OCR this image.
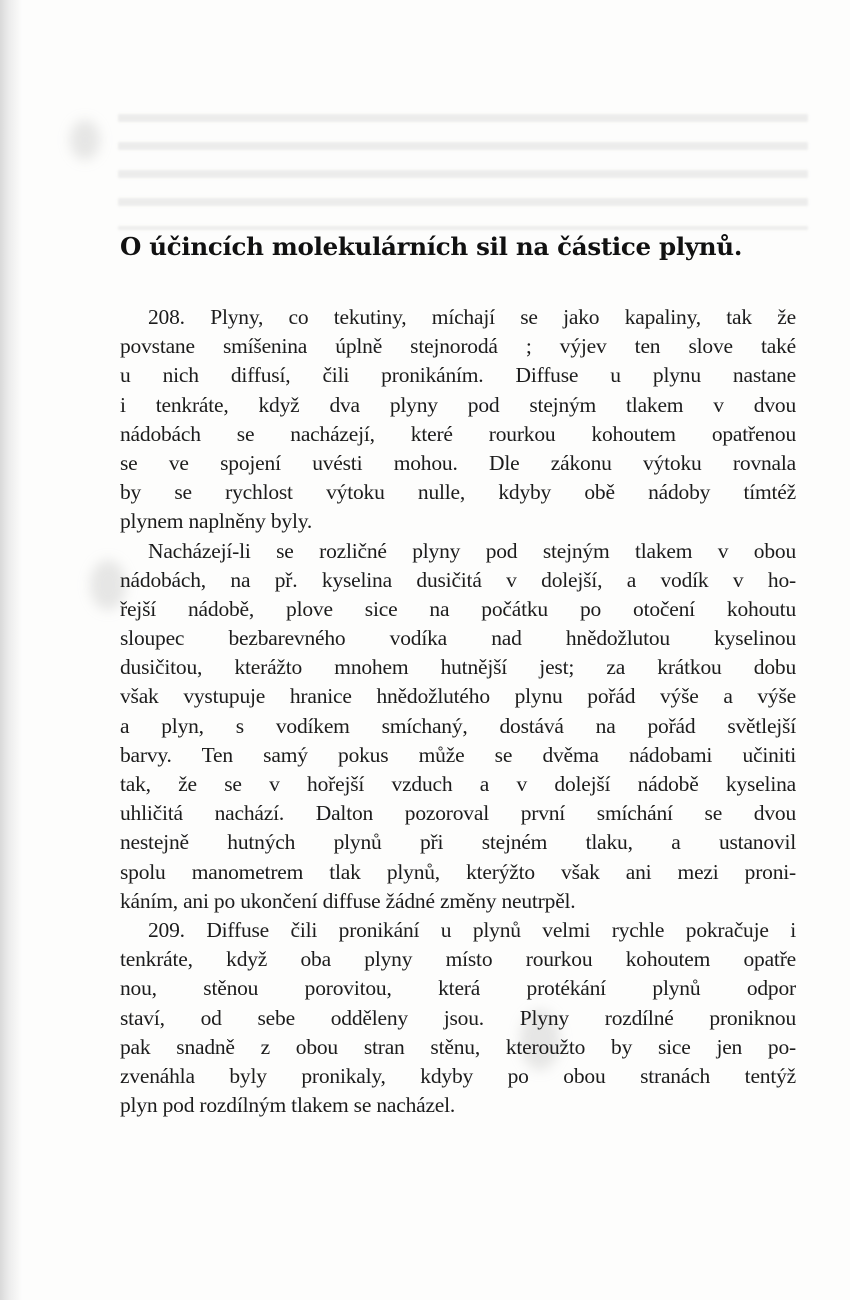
O účincích molekulárních sil na částice plynů.
208. Plyny, co tekutiny, míchají se jako kapaliny, tak že
povstane smíšenina úplně stejnorodá ; výjev ten slove také
u nich diffusí, čili pronikáním. Diffuse u plynu nastane
i tenkráte, když dva plyny pod stejným tlakem v dvou
nádobách se nacházejí, které rourkou kohoutem opatřenou
se ve spojení uvésti mohou. Dle zákonu výtoku rovnala
by se rychlost výtoku nulle, kdyby obě nádoby tímtéž
plynem naplněny byly.
Nacházejí-li se rozličné plyny pod stejným tlakem v obou
nádobách, na př. kyselina dusičitá v dolejší, a vodík v ho-
řejší nádobě, plove sice na počátku po otočení kohoutu
sloupec bezbarevného vodíka nad hnědožlutou kyselinou
dusičitou, kterážto mnohem hutnější jest; za krátkou dobu
však vystupuje hranice hnědožlutého plynu pořád výše a výše
a plyn, s vodíkem smíchaný, dostává na pořád světlejší
barvy. Ten samý pokus může se dvěma nádobami učiniti
tak, že se v hořejší vzduch a v dolejší nádobě kyselina
uhličitá nachází. Dalton pozoroval první smíchání se dvou
nestejně hutných plynů při stejném tlaku, a ustanovil
spolu manometrem tlak plynů, kterýžto však ani mezi proni-
káním, ani po ukončení diffuse žádné změny neutrpěl.
209. Diffuse čili pronikání u plynů velmi rychle pokračuje i
tenkráte, když oba plyny místo rourkou kohoutem opatře
nou, stěnou porovitou, která protékání plynů odpor
staví, od sebe odděleny jsou. Plyny rozdílné proniknou
pak snadně z obou stran stěnu, kteroužto by sice jen po-
zvenáhla byly pronikaly, kdyby po obou stranách tentýž
plyn pod rozdílným tlakem se nacházel.
